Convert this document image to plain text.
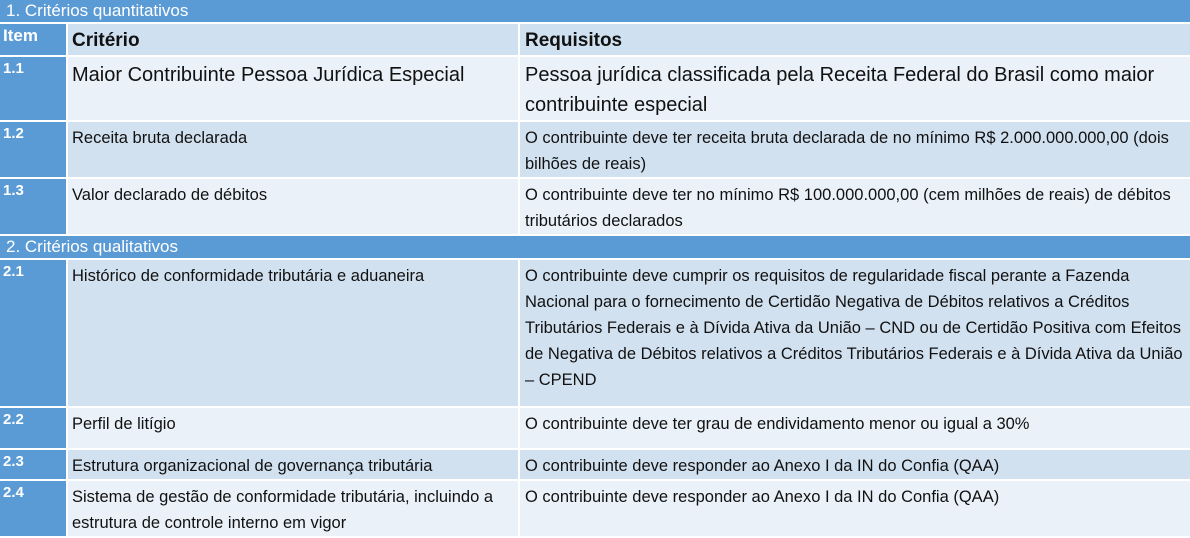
1. Critérios quantitativos		
Item	Critério	Requisitos
1.1	Maior Contribuinte Pessoa Jurídica Especial	Pessoa jurídica classificada pela Receita Federal do Brasil como maior contribuinte especial
1.2	Receita bruta declarada	O contribuinte deve ter receita bruta declarada de no mínimo R$ 2.000.000.000,00 (dois bilhões de reais)
1.3	Valor declarado de débitos	O contribuinte deve ter no mínimo R$ 100.000.000,00 (cem milhões de reais) de débitos tributários declarados
2. Critérios qualitativos		
2.1	Histórico de conformidade tributária e aduaneira	O contribuinte deve cumprir os requisitos de regularidade fiscal perante a Fazenda Nacional para o fornecimento de Certidão Negativa de Débitos relativos a Créditos Tributários Federais e à Dívida Ativa da União – CND ou de Certidão Positiva com Efeitos de Negativa de Débitos relativos a Créditos Tributários Federais e à Dívida Ativa da União – CPEND
2.2	Perfil de litígio	O contribuinte deve ter grau de endividamento menor ou igual a 30%
2.3	Estrutura organizacional de governança tributária	O contribuinte deve responder ao Anexo I da IN do Confia (QAA)
2.4	Sistema de gestão de conformidade tributária, incluindo a estrutura de controle interno em vigor	O contribuinte deve responder ao Anexo I da IN do Confia (QAA)
